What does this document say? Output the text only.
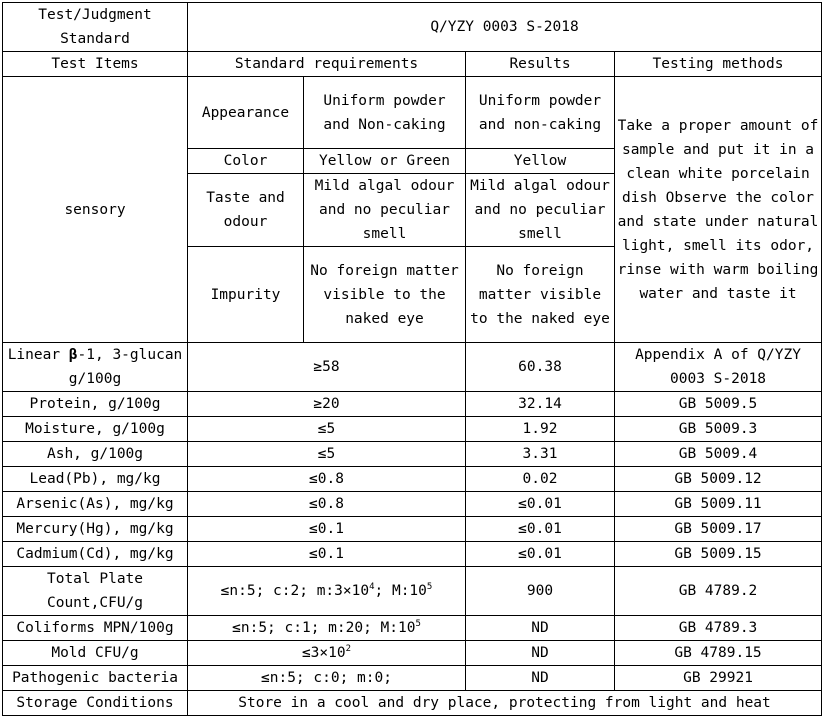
Test/Judgment Standard	Q/YZY 0003 S-2018			
Test Items	Standard requirements		Results	Testing methods
sensory	Appearance	Uniform powder and Non-caking	Uniform powder and non-caking	Take a proper amount of sample and put it in a clean white porcelain dish Observe the color and state under natural light, smell its odor, rinse with warm boiling water and taste it
	Color	Yellow or Green	Yellow	
	Taste and odour	Mild algal odour and no peculiar smell	Mild algal odour and no peculiar smell	
	Impurity	No foreign matter visible to the naked eye	No foreign matter visible to the naked eye	
Linear β-1, 3-glucan g/100g	≥58		60.38	Appendix A of Q/YZY 0003 S-2018
Protein, g/100g	≥20		32.14	GB 5009.5
Moisture, g/100g	≤5		1.92	GB 5009.3
Ash, g/100g	≤5		3.31	GB 5009.4
Lead(Pb), mg/kg	≤0.8		0.02	GB 5009.12
Arsenic(As), mg/kg	≤0.8		≤0.01	GB 5009.11
Mercury(Hg), mg/kg	≤0.1		≤0.01	GB 5009.17
Cadmium(Cd), mg/kg	≤0.1		≤0.01	GB 5009.15
Total Plate Count,CFU/g	≤n:5; c:2; $m:3\times 10^4$; $M:10^5$		900	GB 4789.2
Coliforms MPN/100g	≤n:5; c:1; m:20; $M:10^5$		ND	GB 4789.3
Mold CFU/g	$\le 3\times 10^2$		ND	GB 4789.15
Pathogenic bacteria	≤n:5; c:0; m:0;		ND	GB 29921
Storage Conditions	Store in a cool and dry place, protecting from light and heat			
